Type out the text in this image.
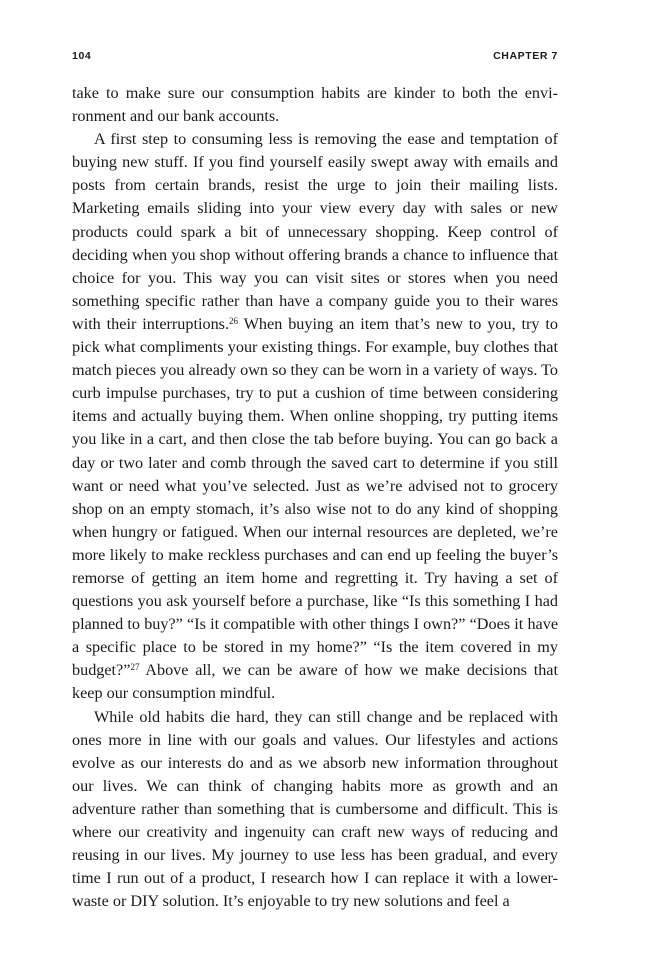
104	CHAPTER 7

take to make sure our consumption habits are kinder to both the environment and our bank accounts.

A first step to consuming less is removing the ease and temptation of buying new stuff. If you find yourself easily swept away with emails and posts from certain brands, resist the urge to join their mailing lists. Marketing emails sliding into your view every day with sales or new products could spark a bit of unnecessary shopping. Keep control of deciding when you shop without offering brands a chance to influence that choice for you. This way you can visit sites or stores when you need something specific rather than have a company guide you to their wares with their interruptions.$^{26}$ When buying an item that’s new to you, try to pick what compliments your existing things. For example, buy clothes that match pieces you already own so they can be worn in a variety of ways. To curb impulse purchases, try to put a cushion of time between considering items and actually buying them. When online shopping, try putting items you like in a cart, and then close the tab before buying. You can go back a day or two later and comb through the saved cart to determine if you still want or need what you’ve selected. Just as we’re advised not to grocery shop on an empty stomach, it’s also wise not to do any kind of shopping when hungry or fatigued. When our internal resources are depleted, we’re more likely to make reckless purchases and can end up feeling the buyer’s remorse of getting an item home and regretting it. Try having a set of questions you ask yourself before a purchase, like “Is this something I had planned to buy?” “Is it compatible with other things I own?” “Does it have a specific place to be stored in my home?” “Is the item covered in my budget?”$^{27}$ Above all, we can be aware of how we make decisions that keep our consumption mindful.

While old habits die hard, they can still change and be replaced with ones more in line with our goals and values. Our lifestyles and actions evolve as our interests do and as we absorb new information throughout our lives. We can think of changing habits more as growth and an adventure rather than something that is cumbersome and difficult. This is where our creativity and ingenuity can craft new ways of reducing and reusing in our lives. My journey to use less has been gradual, and every time I run out of a product, I research how I can replace it with a lower-waste or DIY solution. It’s enjoyable to try new solutions and feel a
